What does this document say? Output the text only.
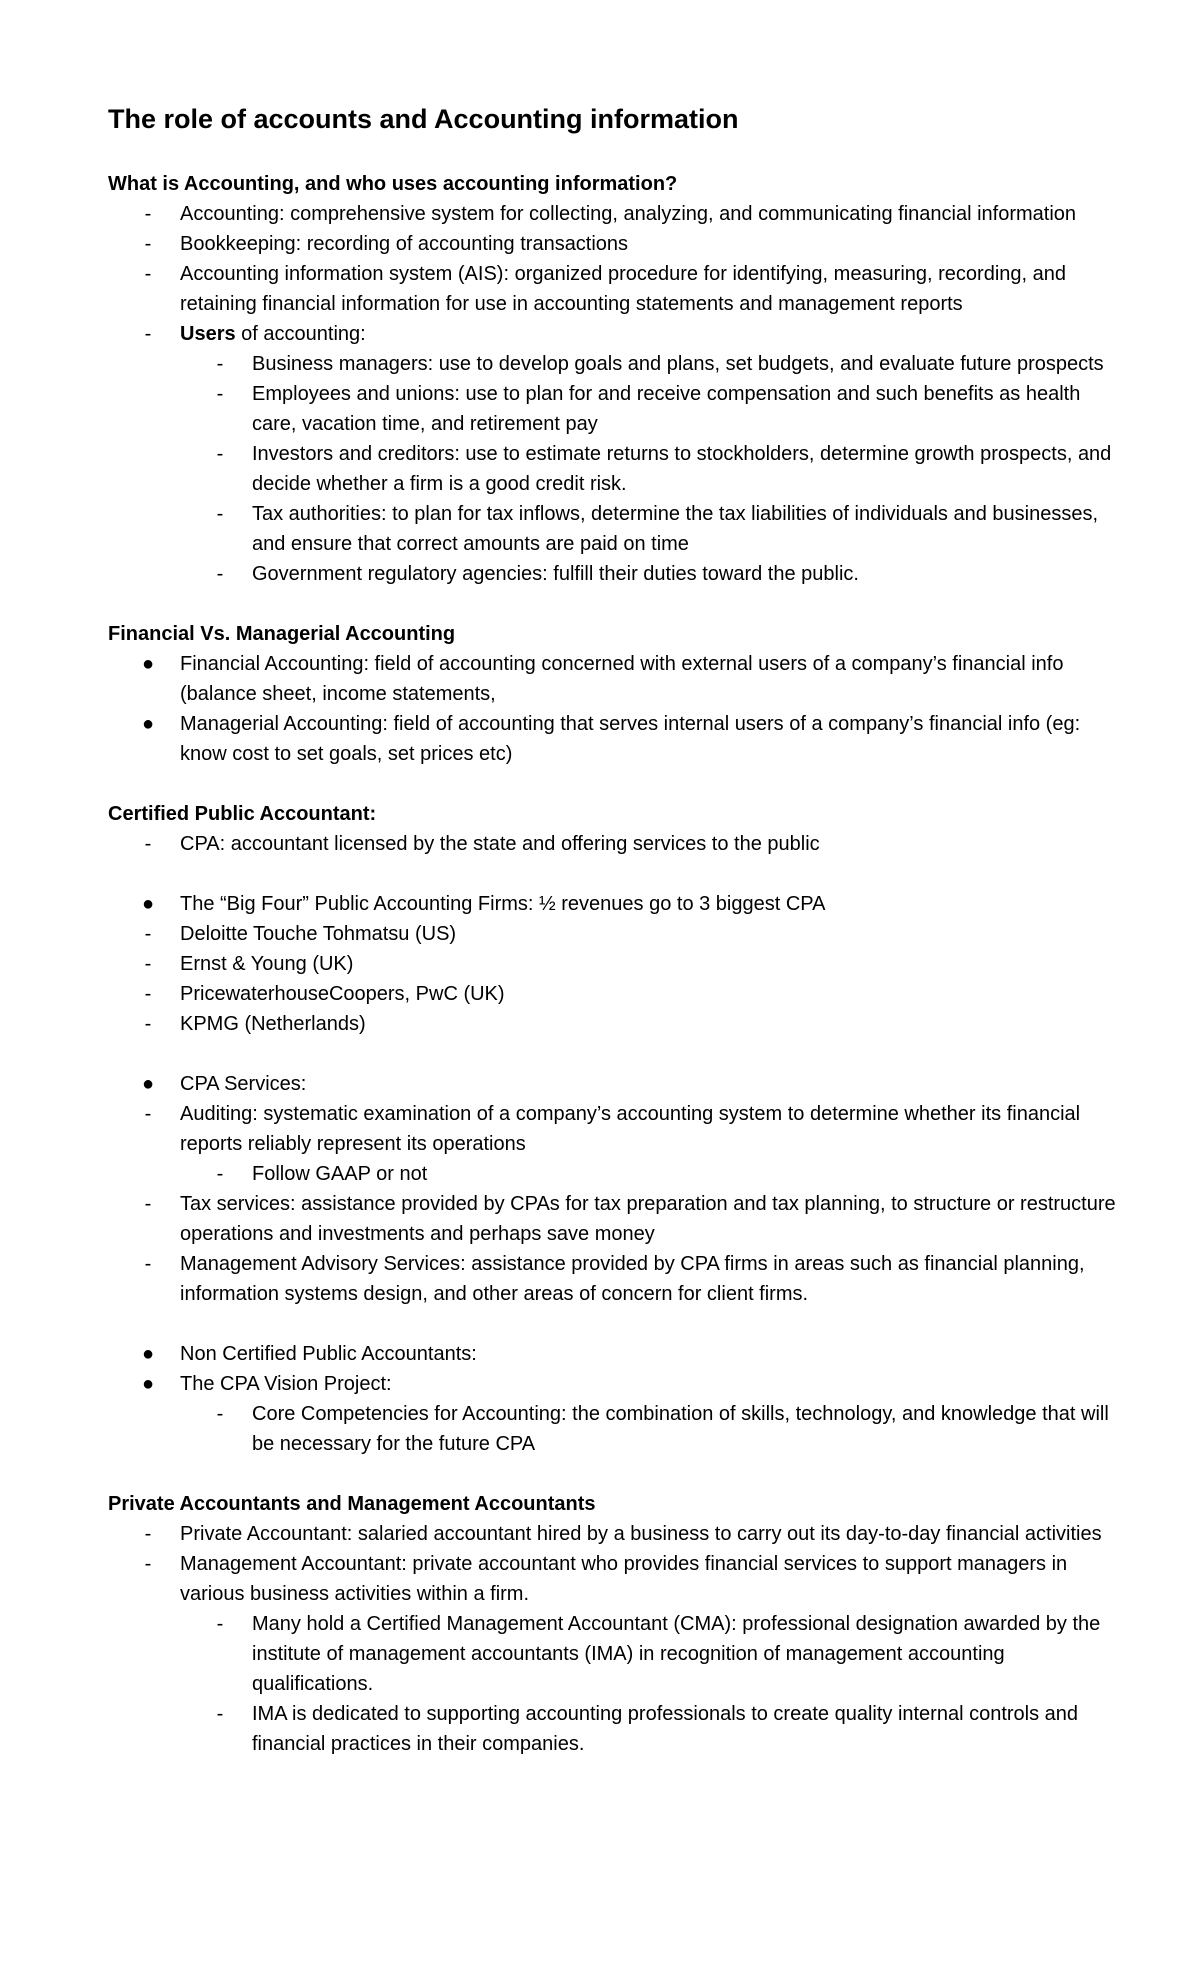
The role of accounts and Accounting information
What is Accounting, and who uses accounting information?
-	Accounting: comprehensive system for collecting, analyzing, and communicating financial information
-	Bookkeeping: recording of accounting transactions
-	Accounting information system (AIS): organized procedure for identifying, measuring, recording, and retaining financial information for use in accounting statements and management reports
-	Users of accounting:
-	Business managers: use to develop goals and plans, set budgets, and evaluate future prospects
-	Employees and unions: use to plan for and receive compensation and such benefits as health care, vacation time, and retirement pay
-	Investors and creditors: use to estimate returns to stockholders, determine growth prospects, and decide whether a firm is a good credit risk.
-	Tax authorities: to plan for tax inflows, determine the tax liabilities of individuals and businesses, and ensure that correct amounts are paid on time
-	Government regulatory agencies: fulfill their duties toward the public.
Financial Vs. Managerial Accounting
● Financial Accounting: field of accounting concerned with external users of a company’s financial info (balance sheet, income statements,
● Managerial Accounting: field of accounting that serves internal users of a company’s financial info (eg: know cost to set goals, set prices etc)
Certified Public Accountant:
-	CPA: accountant licensed by the state and offering services to the public
● The “Big Four” Public Accounting Firms: ½ revenues go to 3 biggest CPA
-	Deloitte Touche Tohmatsu (US)
-	Ernst & Young (UK)
-	PricewaterhouseCoopers, PwC (UK)
-	KPMG (Netherlands)
● CPA Services:
-	Auditing: systematic examination of a company’s accounting system to determine whether its financial reports reliably represent its operations
-	Follow GAAP or not
-	Tax services: assistance provided by CPAs for tax preparation and tax planning, to structure or restructure operations and investments and perhaps save money
-	Management Advisory Services: assistance provided by CPA firms in areas such as financial planning, information systems design, and other areas of concern for client firms.
● Non Certified Public Accountants:
● The CPA Vision Project:
-	Core Competencies for Accounting: the combination of skills, technology, and knowledge that will be necessary for the future CPA
Private Accountants and Management Accountants
-	Private Accountant: salaried accountant hired by a business to carry out its day-to-day financial activities
-	Management Accountant: private accountant who provides financial services to support managers in various business activities within a firm.
-	Many hold a Certified Management Accountant (CMA): professional designation awarded by the institute of management accountants (IMA) in recognition of management accounting qualifications.
-	IMA is dedicated to supporting accounting professionals to create quality internal controls and financial practices in their companies.
